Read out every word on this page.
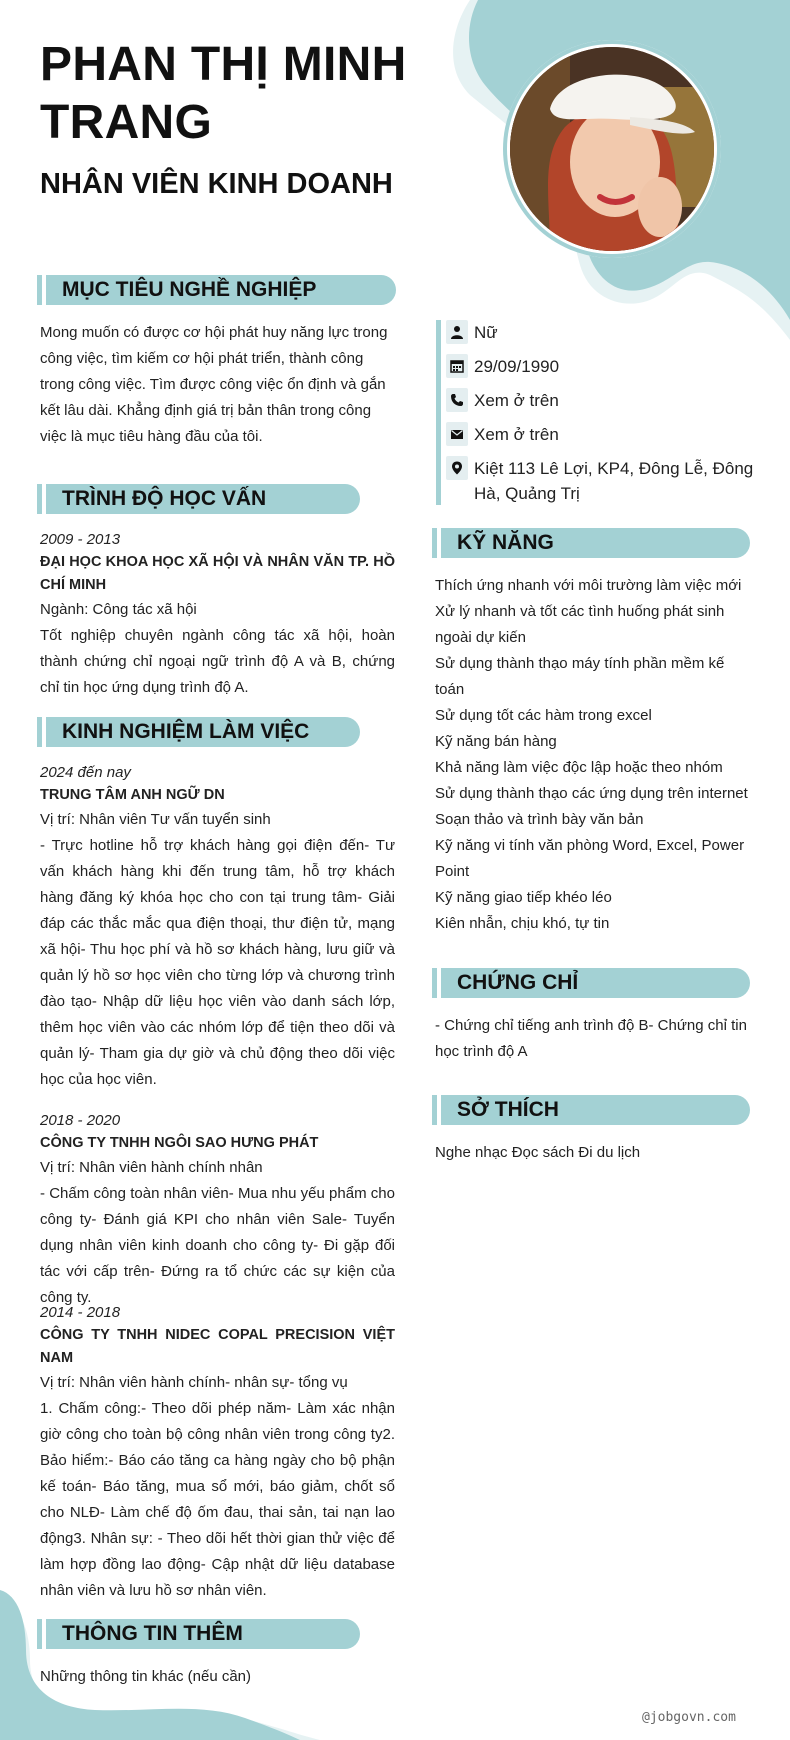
PHAN THỊ MINH TRANG
NHÂN VIÊN KINH DOANH
MỤC TIÊU NGHỀ NGHIỆP
Mong muốn có được cơ hội phát huy năng lực trong công việc, tìm kiếm cơ hội phát triển, thành công trong công việc. Tìm được công việc ổn định và gắn kết lâu dài. Khẳng định giá trị bản thân trong công việc là mục tiêu hàng đầu của tôi.
TRÌNH ĐỘ HỌC VẤN

2009 - 2013

ĐẠI HỌC KHOA HỌC XÃ HỘI VÀ NHÂN VĂN TP. HỒ CHÍ MINH

Ngành: Công tác xã hội

Tốt nghiệp chuyên ngành công tác xã hội, hoàn thành chứng chỉ ngoại ngữ trình độ A và B, chứng chỉ tin học ứng dụng trình độ A.

KINH NGHIỆM LÀM VIỆC

2024 đến nay

TRUNG TÂM ANH NGỮ DN

Vị trí: Nhân viên Tư vấn tuyển sinh

- Trực hotline hỗ trợ khách hàng gọi điện đến- Tư vấn khách hàng khi đến trung tâm, hỗ trợ khách hàng đăng ký khóa học cho con tại trung tâm- Giải đáp các thắc mắc qua điện thoại, thư điện tử, mạng xã hội- Thu học phí và hồ sơ khách hàng, lưu giữ và quản lý hồ sơ học viên cho từng lớp và chương trình đào tạo- Nhập dữ liệu học viên vào danh sách lớp, thêm học viên vào các nhóm lớp để tiện theo dõi và quản lý- Tham gia dự giờ và chủ động theo dõi việc học của học viên.

2018 - 2020

CÔNG TY TNHH NGÔI SAO HƯNG PHÁT

Vị trí: Nhân viên hành chính nhân

- Chấm công toàn nhân viên- Mua nhu yếu phẩm cho công ty- Đánh giá KPI cho nhân viên Sale- Tuyển dụng nhân viên kinh doanh cho công ty- Đi gặp đối tác với cấp trên- Đứng ra tổ chức các sự kiện của công ty.

2014 - 2018

CÔNG TY TNHH NIDEC COPAL PRECISION VIỆT NAM

Vị trí: Nhân viên hành chính- nhân sự- tổng vụ

1. Chấm công:- Theo dõi phép năm- Làm xác nhận giờ công cho toàn bộ công nhân viên trong công ty2. Bảo hiểm:- Báo cáo tăng ca hàng ngày cho bộ phận kế toán- Báo tăng, mua sổ mới, báo giảm, chốt sổ cho NLĐ- Làm chế độ ốm đau, thai sản, tai nạn lao động3. Nhân sự: - Theo dõi hết thời gian thử việc để làm hợp đồng lao động- Cập nhật dữ liệu database nhân viên và lưu hồ sơ nhân viên.

THÔNG TIN THÊM
Những thông tin khác (nếu cần)
Nữ
29/09/1990
Xem ở trên
Xem ở trên
Kiệt 113 Lê Lợi, KP4, Đông Lễ, Đông Hà, Quảng Trị
KỸ NĂNG

Thích ứng nhanh với môi trường làm việc mới

Xử lý nhanh và tốt các tình huống phát sinh ngoài dự kiến

Sử dụng thành thạo máy tính phần mềm kế toán

Sử dụng tốt các hàm trong excel

Kỹ năng bán hàng

Khả năng làm việc độc lập hoặc theo nhóm

Sử dụng thành thạo các ứng dụng trên internet

Soạn thảo và trình bày văn bản

Kỹ năng vi tính văn phòng Word, Excel, Power Point

Kỹ năng giao tiếp khéo léo

Kiên nhẫn, chịu khó, tự tin

CHỨNG CHỈ
- Chứng chỉ tiếng anh trình độ B- Chứng chỉ tin học trình độ A
SỞ THÍCH
Nghe nhạc Đọc sách Đi du lịch
@jobgovn.com
